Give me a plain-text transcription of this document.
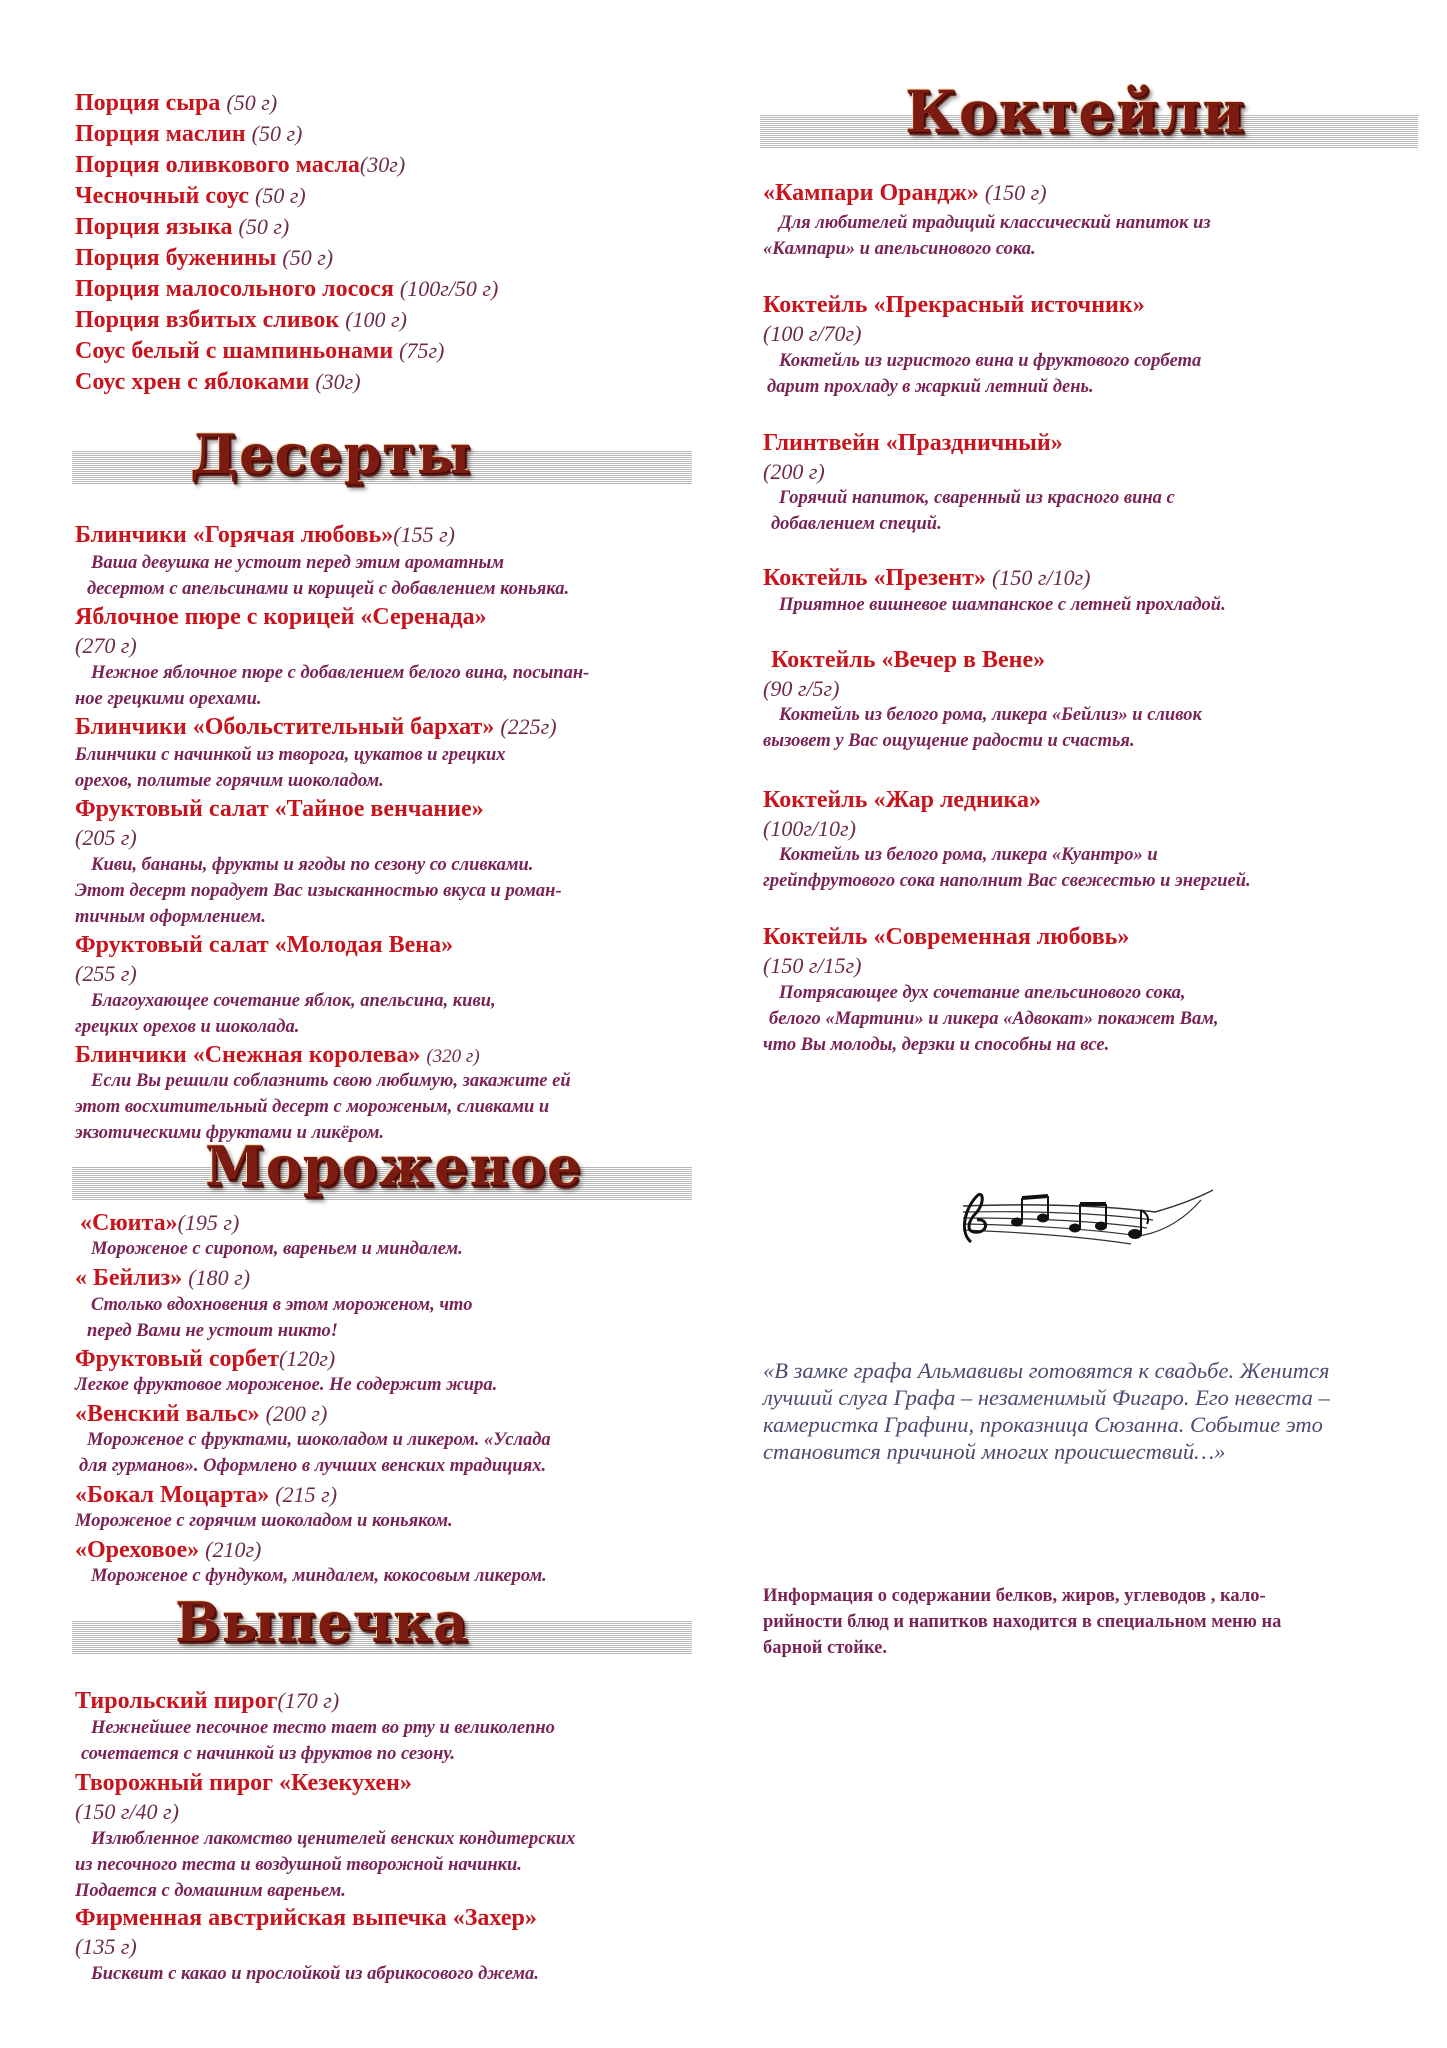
Порция сыра (50 г)
Порция маслин (50 г)
Порция оливкового масла(30г)
Чесночный соус (50 г)
Порция языка (50 г)
Порция буженины (50 г)
Порция малосольного лосося (100г/50 г)
Порция взбитых сливок (100 г)
Соус белый с шампиньонами (75г)
Соус хрен с яблоками (30г)
Десерты
Блинчики «Горячая любовь»(155 г)
Ваша девушка не устоит перед этим ароматным
десертом с апельсинами и корицей с добавлением коньяка.
Яблочное пюре с корицей «Серенада»
(270 г)
Нежное яблочное пюре с добавлением белого вина, посыпан-
ное грецкими орехами.
Блинчики «Обольстительный бархат» (225г)
Блинчики с начинкой из творога, цукатов и грецких
орехов, политые горячим шоколадом.
Фруктовый салат «Тайное венчание»
(205 г)
Киви, бананы, фрукты и ягоды по сезону со сливками.
Этот десерт порадует Вас изысканностью вкуса и роман-
тичным оформлением.
Фруктовый салат «Молодая Вена»
(255 г)
Благоухающее сочетание яблок, апельсина, киви,
грецких орехов и шоколада.
Блинчики «Снежная королева» (320 г)
Если Вы решили соблазнить свою любимую, закажите ей
этот восхитительный десерт с мороженым, сливками и
экзотическими фруктами и ликёром.
Мороженое
«Сюита»(195 г)
Мороженое с сиропом, вареньем и миндалем.
« Бейлиз» (180 г)
Столько вдохновения в этом мороженом, что
перед Вами не устоит никто!
Фруктовый сорбет(120г)
Легкое фруктовое мороженое. Не содержит жира.
«Венский вальс» (200 г)
Мороженое с фруктами, шоколадом и ликером. «Услада
для гурманов». Оформлено в лучших венских традициях.
«Бокал Моцарта» (215 г)
Мороженое с горячим шоколадом и коньяком.
«Ореховое» (210г)
Мороженое с фундуком, миндалем, кокосовым ликером.
Выпечка
Тирольский пирог(170 г)
Нежнейшее песочное тесто тает во рту и великолепно
сочетается с начинкой из фруктов по сезону.
Творожный пирог «Кезекухен»
(150 г/40 г)
Излюбленное лакомство ценителей венских кондитерских
из песочного теста и воздушной творожной начинки.
Подается с домашним вареньем.
Фирменная австрийская выпечка «Захер»
(135 г)
Бисквит с какао и прослойкой из абрикосового джема.
Коктейли
«Кампари Орандж» (150 г)
Для любителей традиций классический напиток из
«Кампари» и апельсинового сока.
Коктейль «Прекрасный источник»
(100 г/70г)
Коктейль из игристого вина и фруктового сорбета
дарит прохладу в жаркий летний день.
Глинтвейн «Праздничный»
(200 г)
Горячий напиток, сваренный из красного вина с
добавлением специй.
Коктейль «Презент» (150 г/10г)
Приятное вишневое шампанское с летней прохладой.
Коктейль «Вечер в Вене»
(90 г/5г)
Коктейль из белого рома, ликера «Бейлиз» и сливок
вызовет у Вас ощущение радости и счастья.
Коктейль «Жар ледника»
(100г/10г)
Коктейль из белого рома, ликера «Куантро» и
грейпфрутового сока наполнит Вас свежестью и энергией.
Коктейль «Современная любовь»
(150 г/15г)
Потрясающее дух сочетание апельсинового сока,
белого «Мартини» и ликера «Адвокат» покажет Вам,
что Вы молоды, дерзки и способны на все.
«В замке графа Альмавивы готовятся к свадьбе. Женится
лучший слуга Графа – незаменимый Фигаро. Его невеста –
камеристка Графини, проказница Сюзанна. Событие это
становится причиной многих происшествий…»
Информация о содержании белков, жиров, углеводов , кало-
рийности блюд и напитков находится в специальном меню на
барной стойке.
